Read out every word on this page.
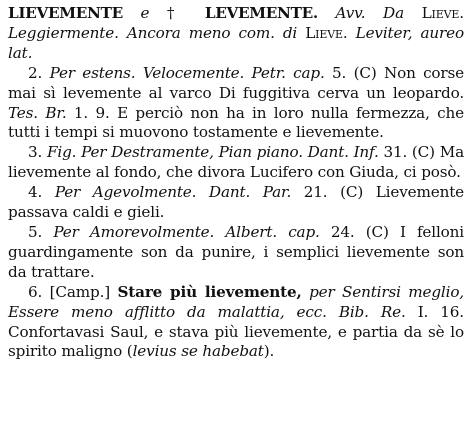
LIEVEMENTE e † LEVEMENTE. Avv. Da Lieve. Leggiermente. Ancora meno com. di Lieve. Leviter, aureo lat.

2. Per estens. Velocemente. Petr. cap. 5. (C) Non corse mai sì levemente al varco Di fuggitiva cerva un leopardo. Tes. Br. 1. 9. E perciò non ha in loro nulla fermezza, che tutti i tempi si muovono tostamente e lievemente.

3. Fig. Per Destramente, Pian piano. Dant. Inf. 31. (C) Ma lievemente al fondo, che divora Lucifero con Giuda, ci posò.

4. Per Agevolmente. Dant. Par. 21. (C) Lievemente passava caldi e gieli.

5. Per Amorevolmente. Albert. cap. 24. (C) I felloni guardingamente son da punire, i semplici lievemente son da trattare.

6. [Camp.] Stare più lievemente, per Sentirsi meglio, Essere meno afflitto da malattia, ecc. Bib. Re. I. 16. Confortavasi Saul, e stava più lievemente, e partia da sè lo spirito maligno (levius se habebat).
